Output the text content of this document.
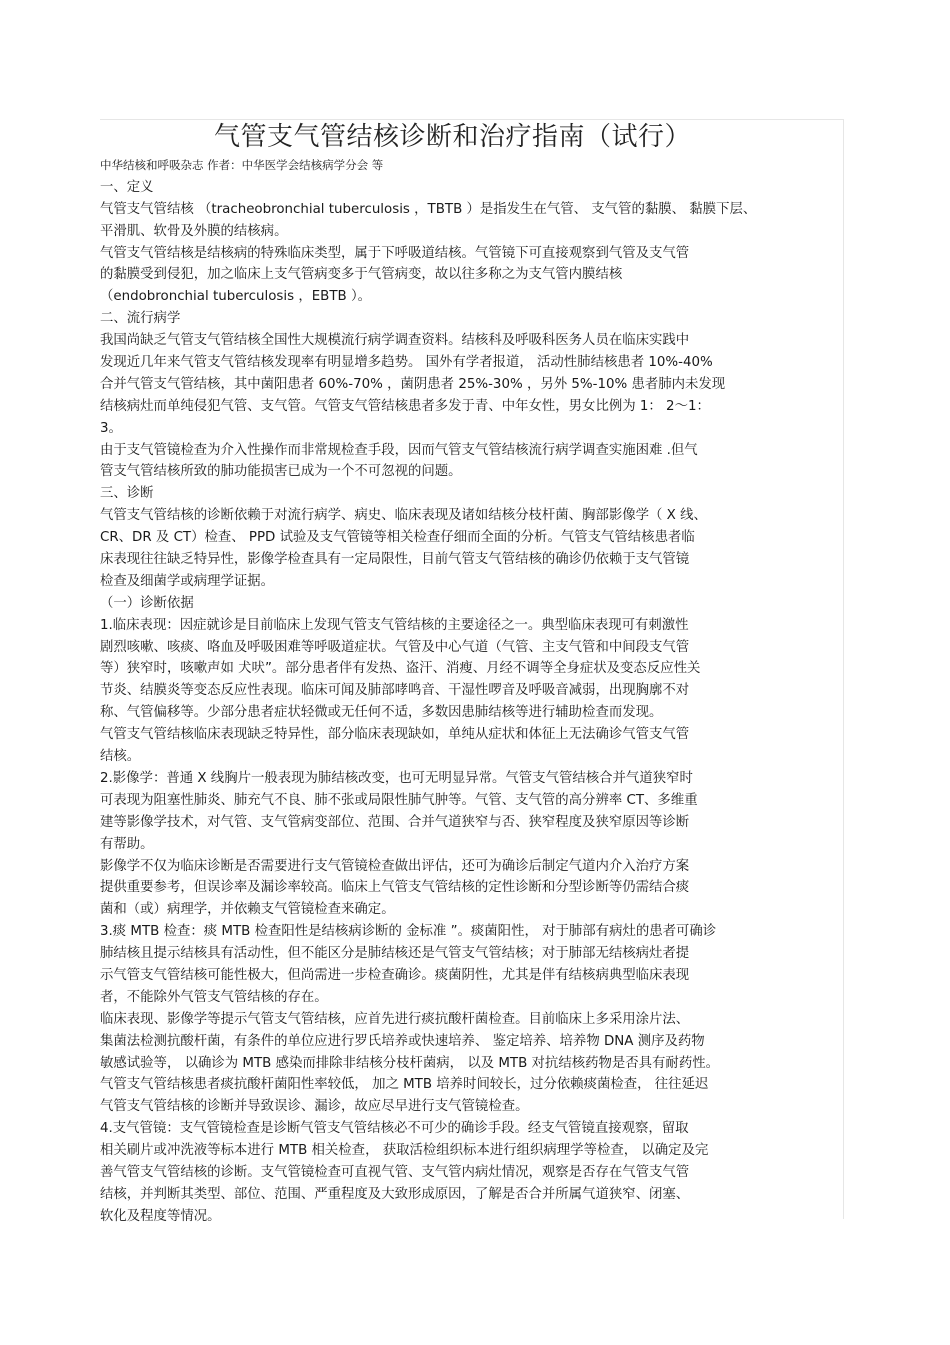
气管支气管结核诊断和治疗指南（试行）
中华结核和呼吸杂志 作者：中华医学会结核病学分会 等
一、定义
气管支气管结核 （tracheobronchial tuberculosis ，TBTB ）是指发生在气管、 支气管的黏膜、 黏膜下层、
平滑肌、软骨及外膜的结核病。
气管支气管结核是结核病的特殊临床类型，属于下呼吸道结核。气管镜下可直接观察到气管及支气管
的黏膜受到侵犯，加之临床上支气管病变多于气管病变，故以往多称之为支气管内膜结核
（endobronchial tuberculosis ，EBTB ）。
二、流行病学
我国尚缺乏气管支气管结核全国性大规模流行病学调查资料。结核科及呼吸科医务人员在临床实践中
发现近几年来气管支气管结核发现率有明显增多趋势。 国外有学者报道， 活动性肺结核患者 10%-40%
合并气管支气管结核，其中菌阳患者 60%-70% ，菌阴患者 25%-30% ，另外 5%-10% 患者肺内未发现
结核病灶而单纯侵犯气管、支气管。气管支气管结核患者多发于青、中年女性，男女比例为 1： 2～1：
3。
由于支气管镜检查为介入性操作而非常规检查手段，因而气管支气管结核流行病学调查实施困难 .但气
管支气管结核所致的肺功能损害已成为一个不可忽视的问题。
三、诊断
气管支气管结核的诊断依赖于对流行病学、病史、临床表现及诸如结核分枝杆菌、胸部影像学（ X 线、
CR、DR 及 CT）检查、 PPD 试验及支气管镜等相关检查仔细而全面的分析。气管支气管结核患者临
床表现往往缺乏特异性，影像学检查具有一定局限性，目前气管支气管结核的确诊仍依赖于支气管镜
检查及细菌学或病理学证据。
（一）诊断依据
1.临床表现：因症就诊是目前临床上发现气管支气管结核的主要途径之一。典型临床表现可有刺激性
剧烈咳嗽、咳痰、咯血及呼吸困难等呼吸道症状。气管及中心气道（气管、主支气管和中间段支气管
等）狭窄时，咳嗽声如 犬吠”。部分患者伴有发热、盗汗、消瘦、月经不调等全身症状及变态反应性关
节炎、结膜炎等变态反应性表现。临床可闻及肺部哮鸣音、干湿性啰音及呼吸音减弱，出现胸廓不对
称、气管偏移等。少部分患者症状轻微或无任何不适，多数因患肺结核等进行辅助检查而发现。
气管支气管结核临床表现缺乏特异性，部分临床表现缺如，单纯从症状和体征上无法确诊气管支气管
结核。
2.影像学：普通 X 线胸片一般表现为肺结核改变，也可无明显异常。气管支气管结核合并气道狭窄时
可表现为阻塞性肺炎、肺充气不良、肺不张或局限性肺气肿等。气管、支气管的高分辨率 CT、多维重
建等影像学技术，对气管、支气管病变部位、范围、合并气道狭窄与否、狭窄程度及狭窄原因等诊断
有帮助。
影像学不仅为临床诊断是否需要进行支气管镜检查做出评估，还可为确诊后制定气道内介入治疗方案
提供重要参考，但误诊率及漏诊率较高。临床上气管支气管结核的定性诊断和分型诊断等仍需结合痰
菌和（或）病理学，并依赖支气管镜检查来确定。
3.痰 MTB 检查：痰 MTB 检查阳性是结核病诊断的 金标准 ”。痰菌阳性， 对于肺部有病灶的患者可确诊
肺结核且提示结核具有活动性，但不能区分是肺结核还是气管支气管结核；对于肺部无结核病灶者提
示气管支气管结核可能性极大，但尚需进一步检查确诊。痰菌阴性，尤其是伴有结核病典型临床表现
者，不能除外气管支气管结核的存在。
临床表现、影像学等提示气管支气管结核，应首先进行痰抗酸杆菌检查。目前临床上多采用涂片法、
集菌法检测抗酸杆菌，有条件的单位应进行罗氏培养或快速培养、 鉴定培养、培养物 DNA 测序及药物
敏感试验等， 以确诊为 MTB 感染而排除非结核分枝杆菌病， 以及 MTB 对抗结核药物是否具有耐药性。
气管支气管结核患者痰抗酸杆菌阳性率较低， 加之 MTB 培养时间较长，过分依赖痰菌检查， 往往延迟
气管支气管结核的诊断并导致误诊、漏诊，故应尽早进行支气管镜检查。
4.支气管镜：支气管镜检查是诊断气管支气管结核必不可少的确诊手段。经支气管镜直接观察，留取
相关刷片或冲洗液等标本进行 MTB 相关检查， 获取活检组织标本进行组织病理学等检查， 以确定及完
善气管支气管结核的诊断。支气管镜检查可直视气管、支气管内病灶情况，观察是否存在气管支气管
结核，并判断其类型、部位、范围、严重程度及大致形成原因，了解是否合并所属气道狭窄、闭塞、
软化及程度等情况。
